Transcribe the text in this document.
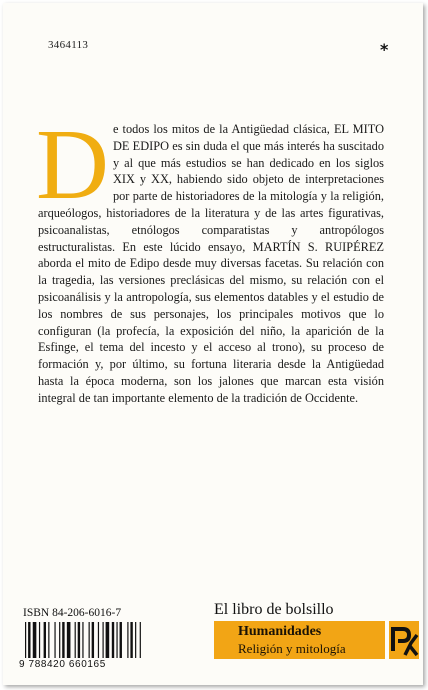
3464113	*
D e todos los mitos de la Antigüedad clásica, EL MITO DE EDIPO es sin duda el que más interés ha suscitado y al que más estudios se han dedicado en los siglos XIX y XX, habiendo sido objeto de interpretaciones por parte de historiadores de la mitología y la religión, arqueólogos, historiadores de la literatura y de las artes figurativas, psicoanalistas, etnólogos comparatistas y antropólogos estructuralistas. En este lúcido ensayo, MARTÍN S. RUIPÉREZ aborda el mito de Edipo desde muy diversas facetas. Su relación con la tragedia, las versiones preclásicas del mismo, su relación con el psicoanálisis y la antropología, sus elementos datables y el estudio de los nombres de sus personajes, los principales motivos que lo configuran (la profecía, la exposición del niño, la aparición de la Esfinge, el tema del incesto y el acceso al trono), su proceso de formación y, por último, su fortuna literaria desde la Antigüedad hasta la época moderna, son los jalones que marcan esta visión integral de tan importante elemento de la tradición de Occidente.
ISBN 84-206-6016-7
9 788420 660165
El libro de bolsillo
Humanidades
Religión y mitología
